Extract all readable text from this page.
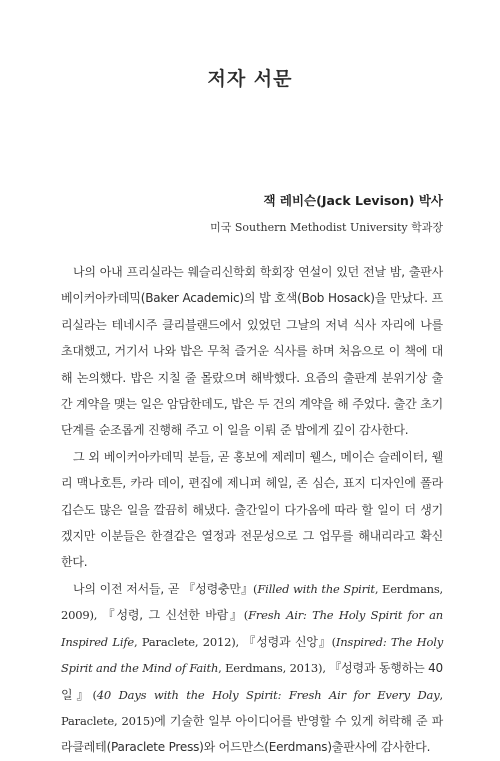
저자 서문
잭 레비슨(Jack Levison) 박사
미국 Southern Methodist University 학과장

나의 아내 프리실라는 웨슬리신학회 학회장 연설이 있던 전날 밤, 출판사 베이커아카데믹(Baker Academic)의 밥 호색(Bob Hosack)을 만났다. 프리실라는 테네시주 클리블랜드에서 있었던 그날의 저녁 식사 자리에 나를 초대했고, 거기서 나와 밥은 무척 즐거운 식사를 하며 처음으로 이 책에 대해 논의했다. 밥은 지칠 줄 몰랐으며 해박했다. 요즘의 출판계 분위기상 출간 계약을 맺는 일은 암담한데도, 밥은 두 건의 계약을 해 주었다. 출간 초기 단계를 순조롭게 진행해 주고 이 일을 이뤄 준 밥에게 깊이 감사한다.

그 외 베이커아카데믹 분들, 곧 홍보에 제레미 웰스, 메이슨 슬레이터, 웰리 맥나호튼, 카라 데이, 편집에 제니퍼 헤일, 존 심슨, 표지 디자인에 폴라 깁슨도 많은 일을 깔끔히 해냈다. 출간일이 다가옴에 따라 할 일이 더 생기겠지만 이분들은 한결같은 열정과 전문성으로 그 업무를 해내리라고 확신한다.

나의 이전 저서들, 곧 『성령충만』(Filled with the Spirit, Eerdmans, 2009), 『성령, 그 신선한 바람』(Fresh Air: The Holy Spirit for an Inspired Life, Paraclete, 2012), 『성령과 신앙』(Inspired: The Holy Spirit and the Mind of Faith, Eerdmans, 2013), 『성령과 동행하는 40일』(40 Days with the Holy Spirit: Fresh Air for Every Day, Paraclete, 2015)에 기술한 일부 아이디어를 반영할 수 있게 허락해 준 파라클레테(Paraclete Press)와 어드만스(Eerdmans)출판사에 감사한다.
